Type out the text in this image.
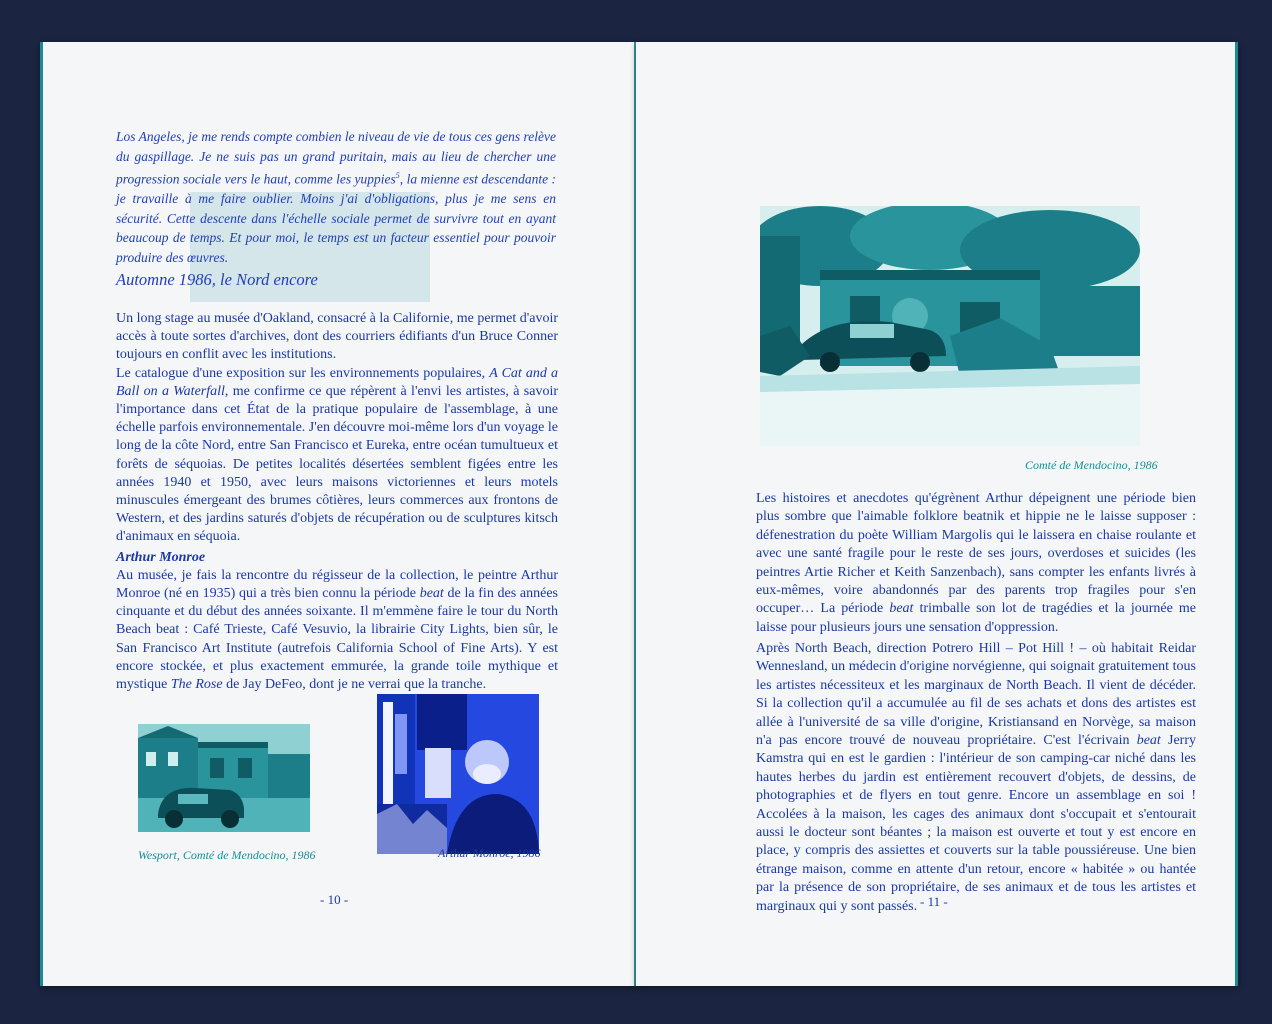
Los Angeles, je me rends compte combien le niveau de vie de tous ces gens relève du gaspillage. Je ne suis pas un grand puritain, mais au lieu de chercher une progression sociale vers le haut, comme les yuppies$^5$, la mienne est descendante : je travaille à me faire oublier. Moins j'ai d'obligations, plus je me sens en sécurité. Cette descente dans l'échelle sociale permet de survivre tout en ayant beaucoup de temps. Et pour moi, le temps est un facteur essentiel pour pouvoir produire des œuvres.
Automne 1986, le Nord encore

Un long stage au musée d'Oakland, consacré à la Californie, me permet d'avoir accès à toute sortes d'archives, dont des courriers édifiants d'un Bruce Conner toujours en conflit avec les institutions.

Le catalogue d'une exposition sur les environnements populaires, A Cat and a Ball on a Waterfall, me confirme ce que répèrent à l'envi les artistes, à savoir l'importance dans cet État de la pratique populaire de l'assemblage, à une échelle parfois environnementale. J'en découvre moi-même lors d'un voyage le long de la côte Nord, entre San Francisco et Eureka, entre océan tumultueux et forêts de séquoias. De petites localités désertées semblent figées entre les années 1940 et 1950, avec leurs maisons victoriennes et leurs motels minuscules émergeant des brumes côtières, leurs commerces aux frontons de Western, et des jardins saturés d'objets de récupération ou de sculptures kitsch d'animaux en séquoia.

Arthur Monroe

Au musée, je fais la rencontre du régisseur de la collection, le peintre Arthur Monroe (né en 1935) qui a très bien connu la période beat de la fin des années cinquante et du début des années soixante. Il m'emmène faire le tour du North Beach beat : Café Trieste, Café Vesuvio, la librairie City Lights, bien sûr, le San Francisco Art Institute (autrefois California School of Fine Arts). Y est encore stockée, et plus exactement emmurée, la grande toile mythique et mystique The Rose de Jay DeFeo, dont je ne verrai que la tranche.

Wesport, Comté de Mendocino, 1986	Arthur Monroe, 1986
- 10 -
Comté de Mendocino, 1986
Les histoires et anecdotes qu'égrènent Arthur dépeignent une période bien plus sombre que l'aimable folklore beatnik et hippie ne le laisse supposer : défenestration du poète William Margolis qui le laissera en chaise roulante et avec une santé fragile pour le reste de ses jours, overdoses et suicides (les peintres Artie Richer et Keith Sanzenbach), sans compter les enfants livrés à eux-mêmes, voire abandonnés par des parents trop fragiles pour s'en occuper… La période beat trimballe son lot de tragédies et la journée me laisse pour plusieurs jours une sensation d'oppression.
Après North Beach, direction Potrero Hill – Pot Hill ! – où habitait Reidar Wennesland, un médecin d'origine norvégienne, qui soignait gratuitement tous les artistes nécessiteux et les marginaux de North Beach. Il vient de décéder. Si la collection qu'il a accumulée au fil de ses achats et dons des artistes est allée à l'université de sa ville d'origine, Kristiansand en Norvège, sa maison n'a pas encore trouvé de nouveau propriétaire. C'est l'écrivain beat Jerry Kamstra qui en est le gardien : l'intérieur de son camping-car niché dans les hautes herbes du jardin est entièrement recouvert d'objets, de dessins, de photographies et de flyers en tout genre. Encore un assemblage en soi ! Accolées à la maison, les cages des animaux dont s'occupait et s'entourait aussi le docteur sont béantes ; la maison est ouverte et tout y est encore en place, y compris des assiettes et couverts sur la table poussiéreuse. Une bien étrange maison, comme en attente d'un retour, encore « habitée » ou hantée par la présence de son propriétaire, de ses animaux et de tous les artistes et marginaux qui y sont passés. - 11 -
